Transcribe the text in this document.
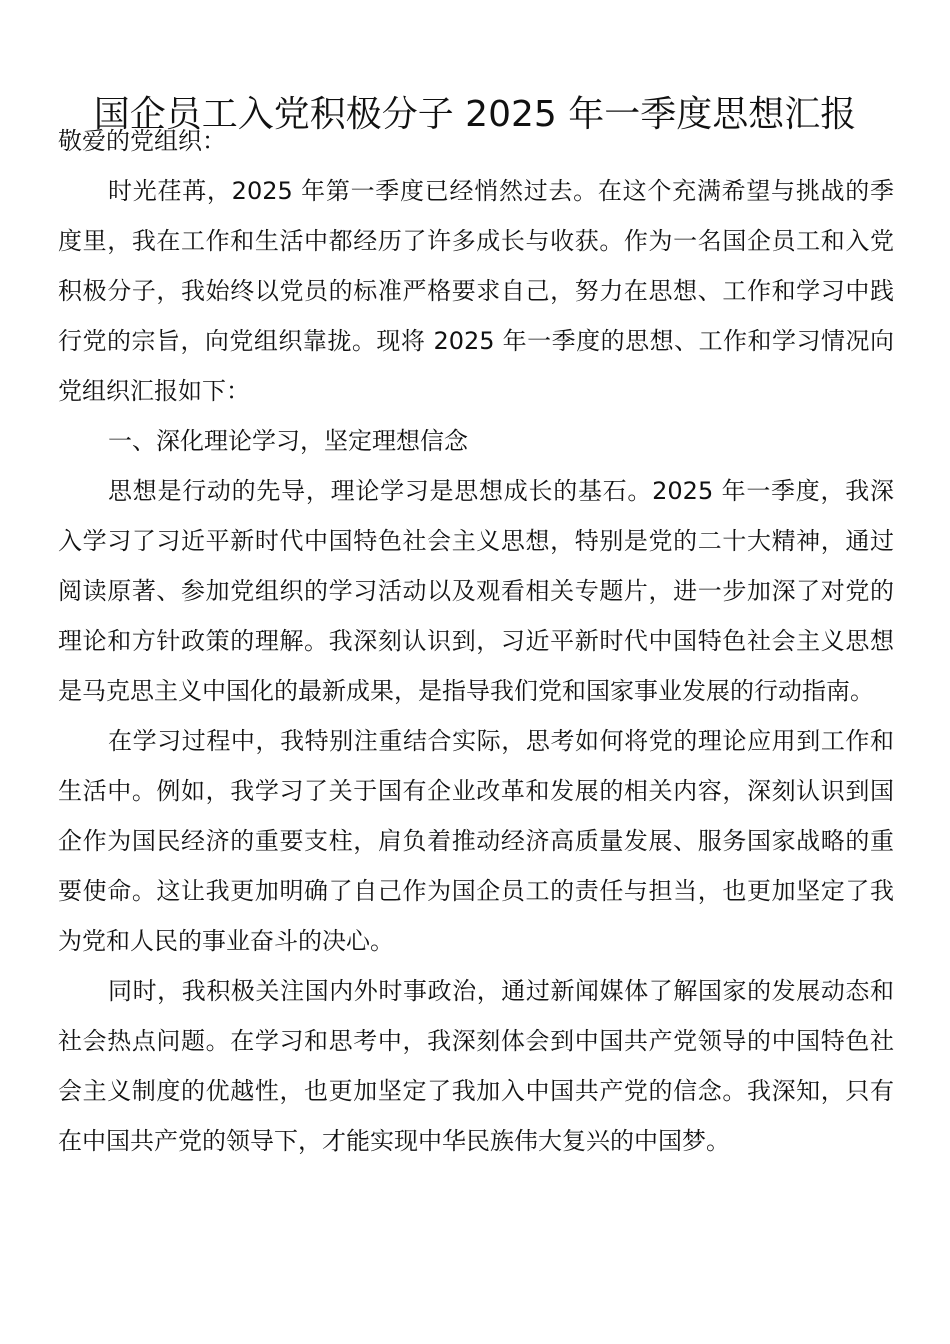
国企员工入党积极分子 2025 年一季度思想汇报

敬爱的党组织：

时光荏苒，2025 年第一季度已经悄然过去。在这个充满希望与挑战的季度里，我在工作和生活中都经历了许多成长与收获。作为一名国企员工和入党积极分子，我始终以党员的标准严格要求自己，努力在思想、工作和学习中践行党的宗旨，向党组织靠拢。现将 2025 年一季度的思想、工作和学习情况向党组织汇报如下：

一、深化理论学习，坚定理想信念

思想是行动的先导，理论学习是思想成长的基石。2025 年一季度，我深入学习了习近平新时代中国特色社会主义思想，特别是党的二十大精神，通过阅读原著、参加党组织的学习活动以及观看相关专题片，进一步加深了对党的理论和方针政策的理解。我深刻认识到，习近平新时代中国特色社会主义思想是马克思主义中国化的最新成果，是指导我们党和国家事业发展的行动指南。

在学习过程中，我特别注重结合实际，思考如何将党的理论应用到工作和生活中。例如，我学习了关于国有企业改革和发展的相关内容，深刻认识到国企作为国民经济的重要支柱，肩负着推动经济高质量发展、服务国家战略的重要使命。这让我更加明确了自己作为国企员工的责任与担当，也更加坚定了我为党和人民的事业奋斗的决心。

同时，我积极关注国内外时事政治，通过新闻媒体了解国家的发展动态和社会热点问题。在学习和思考中，我深刻体会到中国共产党领导的中国特色社会主义制度的优越性，也更加坚定了我加入中国共产党的信念。我深知，只有在中国共产党的领导下，才能实现中华民族伟大复兴的中国梦。
